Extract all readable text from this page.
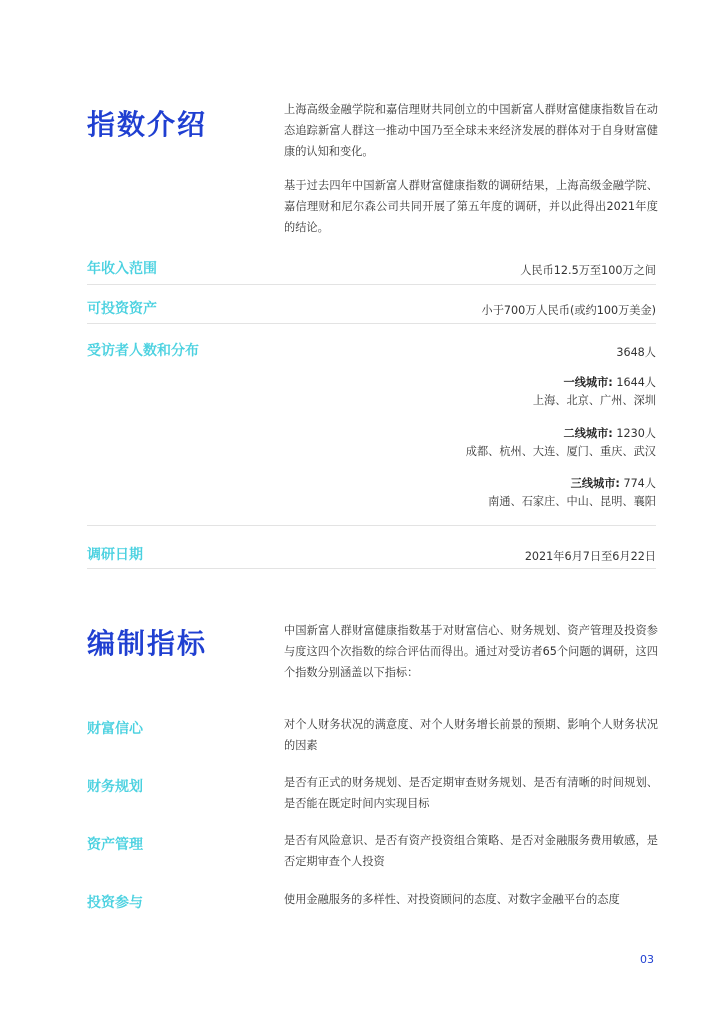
指数介绍	上海高级金融学院和嘉信理财共同创立的中国新富人群财富健康指数旨在动态追踪新富人群这一推动中国乃至全球未来经济发展的群体对于自身财富健康的认知和变化。

基于过去四年中国新富人群财富健康指数的调研结果，上海高级金融学院、嘉信理财和尼尔森公司共同开展了第五年度的调研，并以此得出2021年度的结论。

年收入范围	人民币12.5万至100万之间
可投资资产	小于700万人民币(或约100万美金)
受访者人数和分布	3648人
一线城市: 1644人
上海、北京、广州、深圳
二线城市: 1230人
成都、杭州、大连、厦门、重庆、武汉
三线城市: 774人
南通、石家庄、中山、昆明、襄阳
调研日期	2021年6月7日至6月22日
编制指标	中国新富人群财富健康指数基于对财富信心、财务规划、资产管理及投资参与度这四个次指数的综合评估而得出。通过对受访者65个问题的调研，这四个指数分别涵盖以下指标：

财富信心	对个人财务状况的满意度、对个人财务增长前景的预期、影响个人财务状况的因素
财务规划	是否有正式的财务规划、是否定期审查财务规划、是否有清晰的时间规划、是否能在既定时间内实现目标
资产管理	是否有风险意识、是否有资产投资组合策略、是否对金融服务费用敏感，是否定期审查个人投资
投资参与	使用金融服务的多样性、对投资顾问的态度、对数字金融平台的态度
03
